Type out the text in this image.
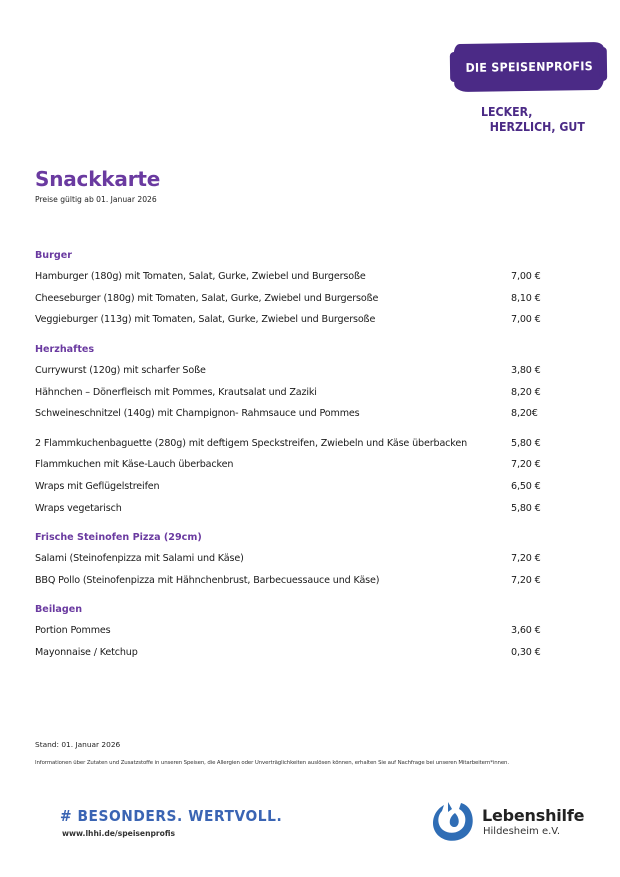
DIE SPEISENPROFIS
LECKER,
HERZLICH, GUT
Snackkarte
Preise gültig ab 01. Januar 2026
Burger
Hamburger (180g) mit Tomaten, Salat, Gurke, Zwiebel und Burgersoße	7,00 €
Cheeseburger (180g) mit Tomaten, Salat, Gurke, Zwiebel und Burgersoße	8,10 €
Veggieburger (113g) mit Tomaten, Salat, Gurke, Zwiebel und Burgersoße	7,00 €
Herzhaftes
Currywurst (120g) mit scharfer Soße	3,80 €
Hähnchen – Dönerfleisch mit Pommes, Krautsalat und Zaziki	8,20 €
Schweineschnitzel (140g) mit Champignon- Rahmsauce und Pommes	8,20€
2 Flammkuchenbaguette (280g) mit deftigem Speckstreifen, Zwiebeln und Käse überbacken	5,80 €
Flammkuchen mit Käse-Lauch überbacken	7,20 €
Wraps mit Geflügelstreifen	6,50 €
Wraps vegetarisch	5,80 €
Frische Steinofen Pizza (29cm)
Salami (Steinofenpizza mit Salami und Käse)	7,20 €
BBQ Pollo (Steinofenpizza mit Hähnchenbrust, Barbecuessauce und Käse)	7,20 €
Beilagen
Portion Pommes	3,60 €
Mayonnaise / Ketchup	0,30 €
Stand: 01. Januar 2026
Informationen über Zutaten und Zusatzstoffe in unseren Speisen, die Allergien oder Unverträglichkeiten auslösen können, erhalten Sie auf Nachfrage bei unseren Mitarbeitern*innen.
# BESONDERS. WERTVOLL.
www.lhhi.de/speisenprofis
Lebenshilfe
Hildesheim e.V.
